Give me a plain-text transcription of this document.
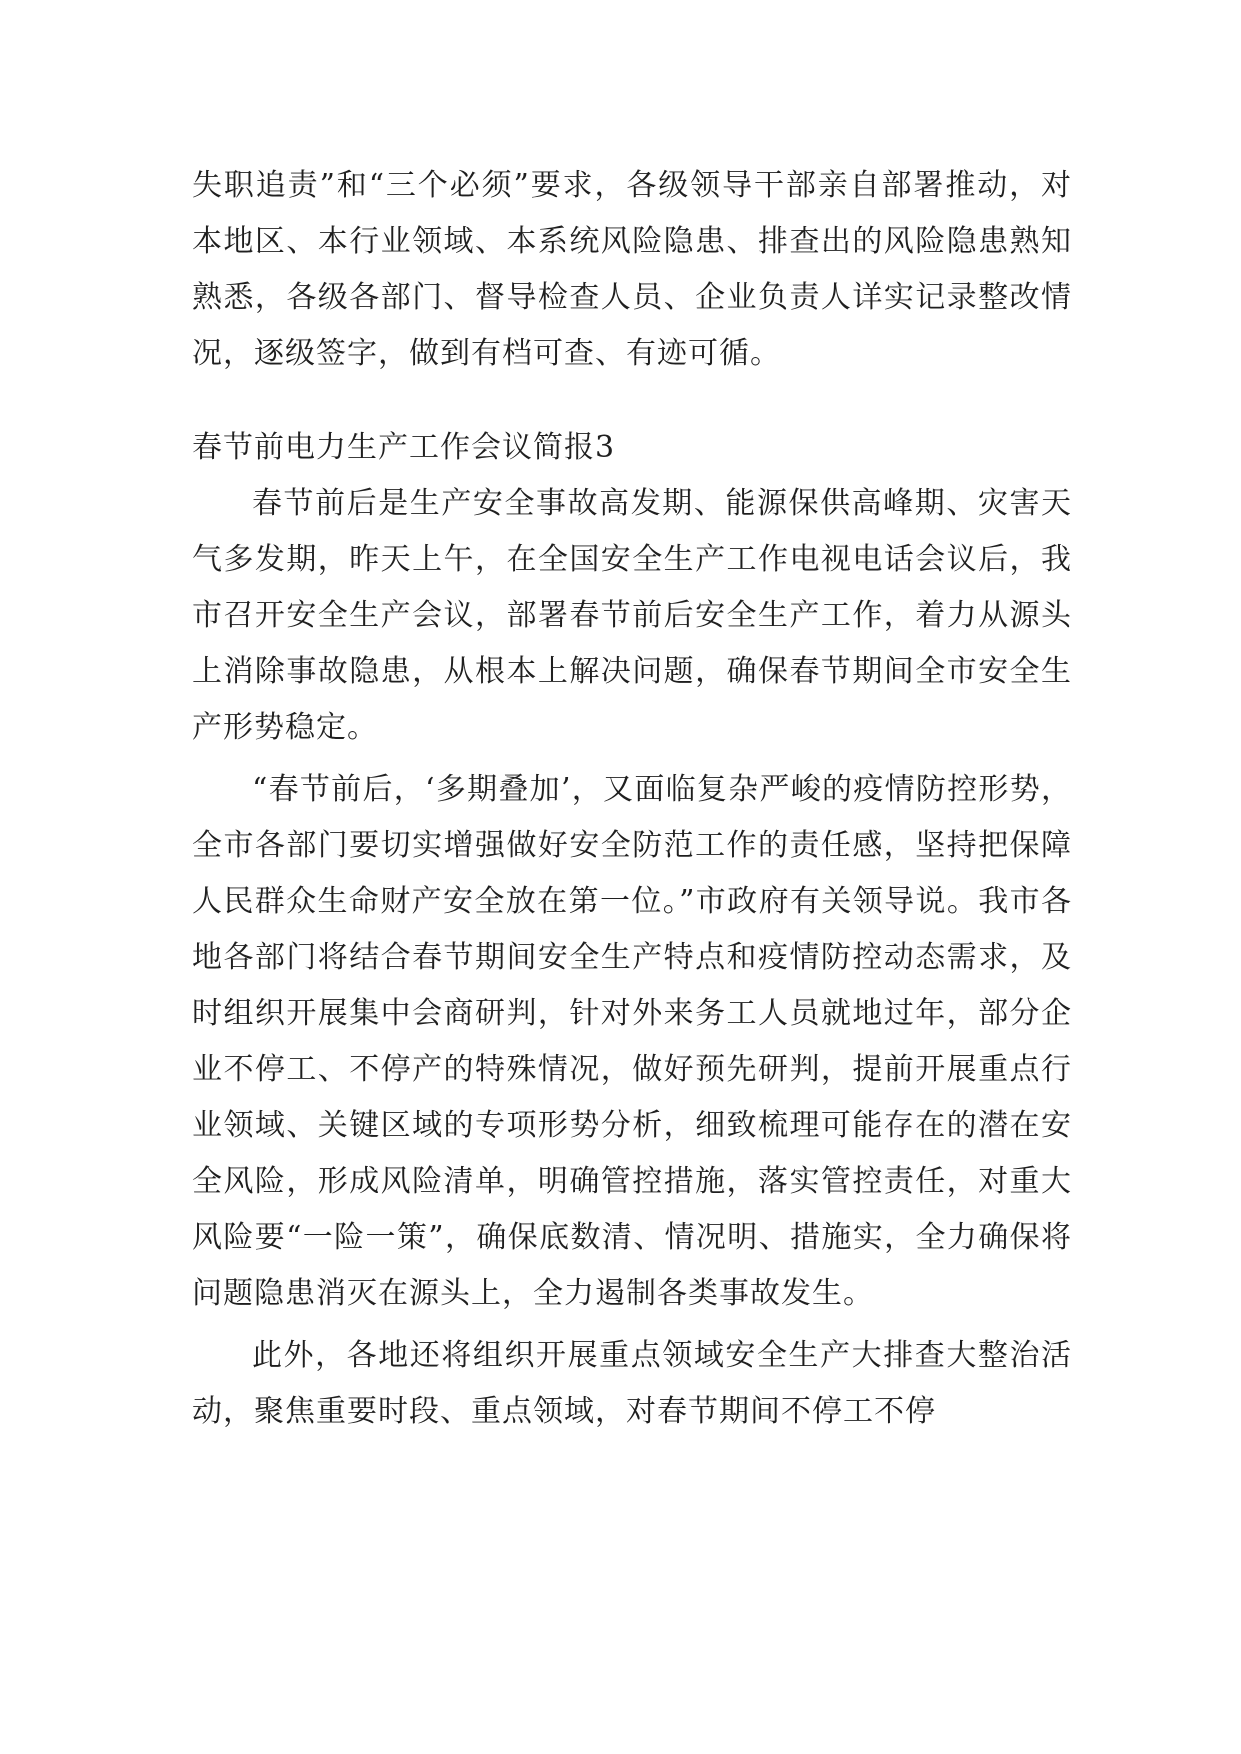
失职追责”和“三个必须”要求，各级领导干部亲自部署推动，对本地区、本行业领域、本系统风险隐患、排查出的风险隐患熟知熟悉，各级各部门、督导检查人员、企业负责人详实记录整改情况，逐级签字，做到有档可查、有迹可循。

春节前电力生产工作会议简报3

春节前后是生产安全事故高发期、能源保供高峰期、灾害天气多发期，昨天上午，在全国安全生产工作电视电话会议后，我市召开安全生产会议，部署春节前后安全生产工作，着力从源头上消除事故隐患，从根本上解决问题，确保春节期间全市安全生产形势稳定。

“春节前后，‘多期叠加’，又面临复杂严峻的疫情防控形势，全市各部门要切实增强做好安全防范工作的责任感，坚持把保障人民群众生命财产安全放在第一位。”市政府有关领导说。我市各地各部门将结合春节期间安全生产特点和疫情防控动态需求，及时组织开展集中会商研判，针对外来务工人员就地过年，部分企业不停工、不停产的特殊情况，做好预先研判，提前开展重点行业领域、关键区域的专项形势分析，细致梳理可能存在的潜在安全风险，形成风险清单，明确管控措施，落实管控责任，对重大风险要“一险一策”，确保底数清、情况明、措施实，全力确保将问题隐患消灭在源头上，全力遏制各类事故发生。

此外，各地还将组织开展重点领域安全生产大排查大整治活动，聚焦重要时段、重点领域，对春节期间不停工不停
